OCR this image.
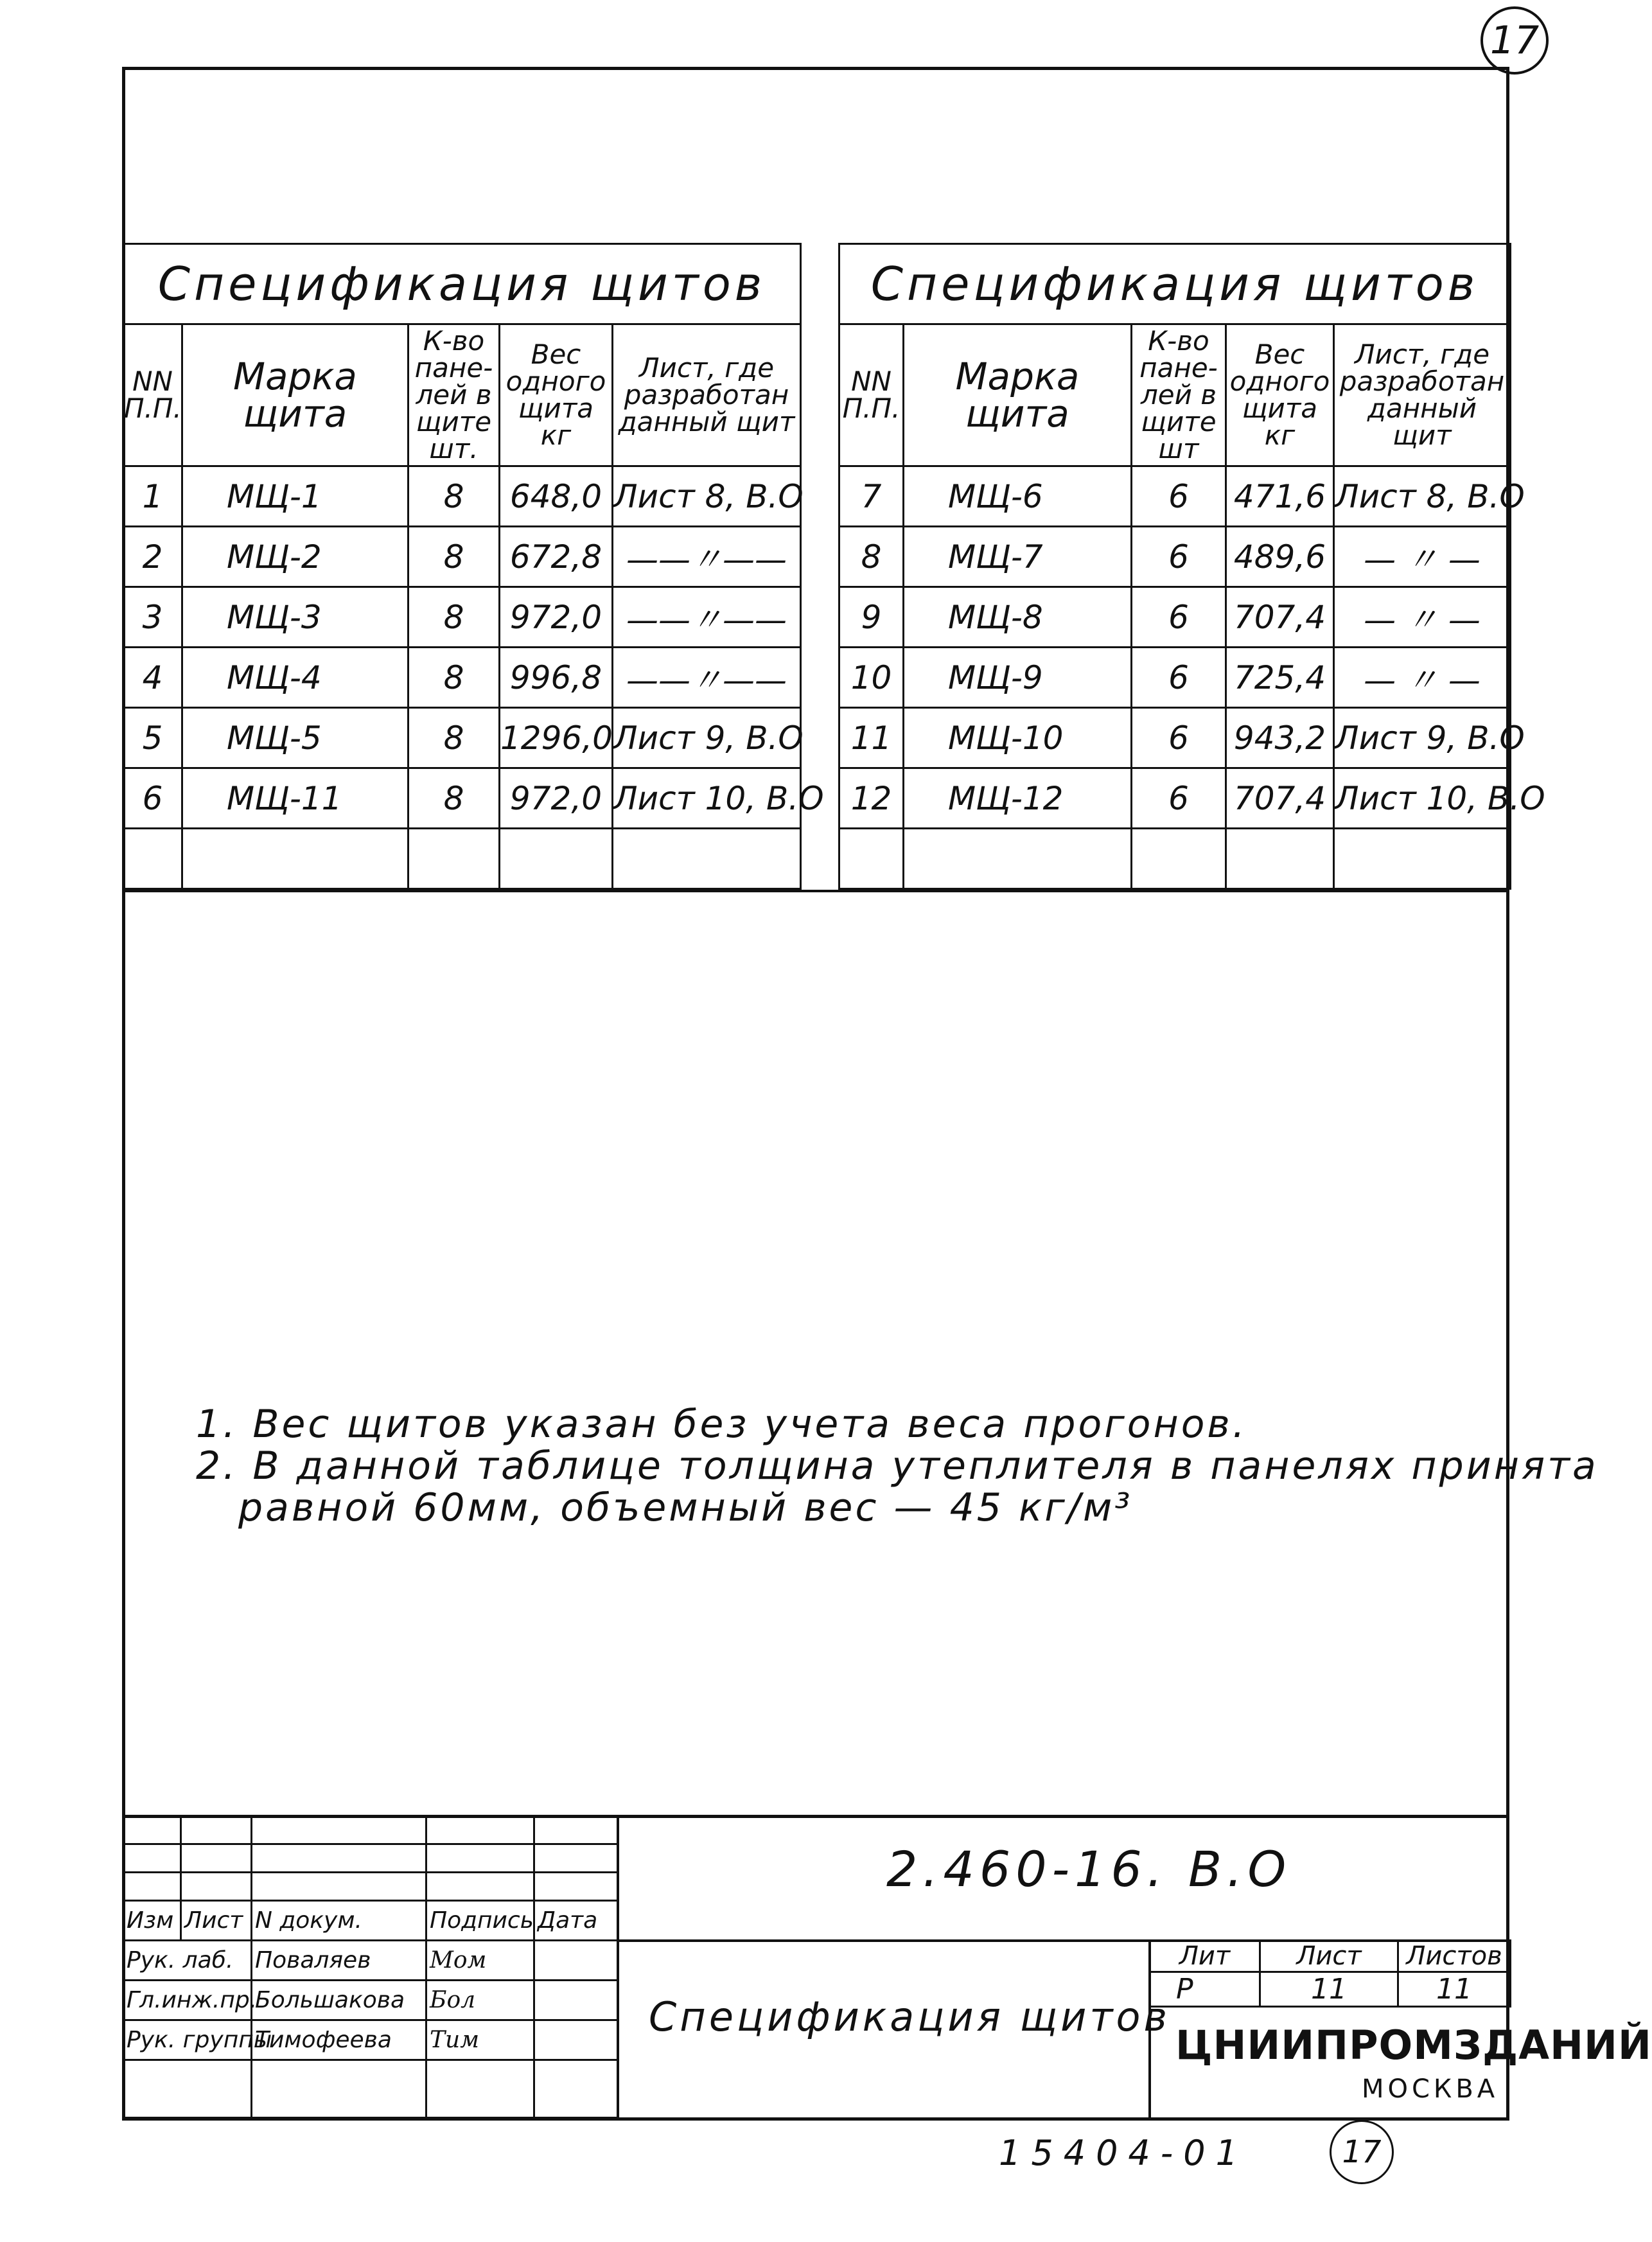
17
Спецификация щитов				
NN П.П.	Марка щита	К-во пане-лей в щите шт.	Вес одного щита кг	Лист, где разработан данный щит
1	МЩ-1	8	648,0	Лист 8, В.О
2	МЩ-2	8	672,8	——〃——
3	МЩ-3	8	972,0	——〃——
4	МЩ-4	8	996,8	——〃——
5	МЩ-5	8	1296,0	Лист 9, В.О
6	МЩ-11	8	972,0	Лист 10, В.О

Спецификация щитов				
NN П.П.	Марка щита	К-во пане-лей в щите шт	Вес одного щита кг	Лист, где разработан данный щит
7	МЩ-6	6	471,6	Лист 8, В.О
8	МЩ-7	6	489,6	— 〃 —
9	МЩ-8	6	707,4	— 〃 —
10	МЩ-9	6	725,4	— 〃 —
11	МЩ-10	6	943,2	Лист 9, В.О
12	МЩ-12	6	707,4	Лист 10, В.О

1. Вес щитов указан без учета веса прогонов.
2. В данной таблице толщина утеплителя в панелях принята
равной 60мм, объемный вес — 45 кг/м³

Изм	Лист	N докум.	Подпись	Дата
Рук. лаб.	Поваляев	Мом	
Гл.инж.пр.	Большакова	Бол	
Рук. группы	Тимофеева	Тим	

2.460-16. В.О
Спецификация щитов
Лит	Лист	Листов
Р	11	11
ЦНИИПРОМЗДАНИЙ
МОСКВА
15404-01	17
